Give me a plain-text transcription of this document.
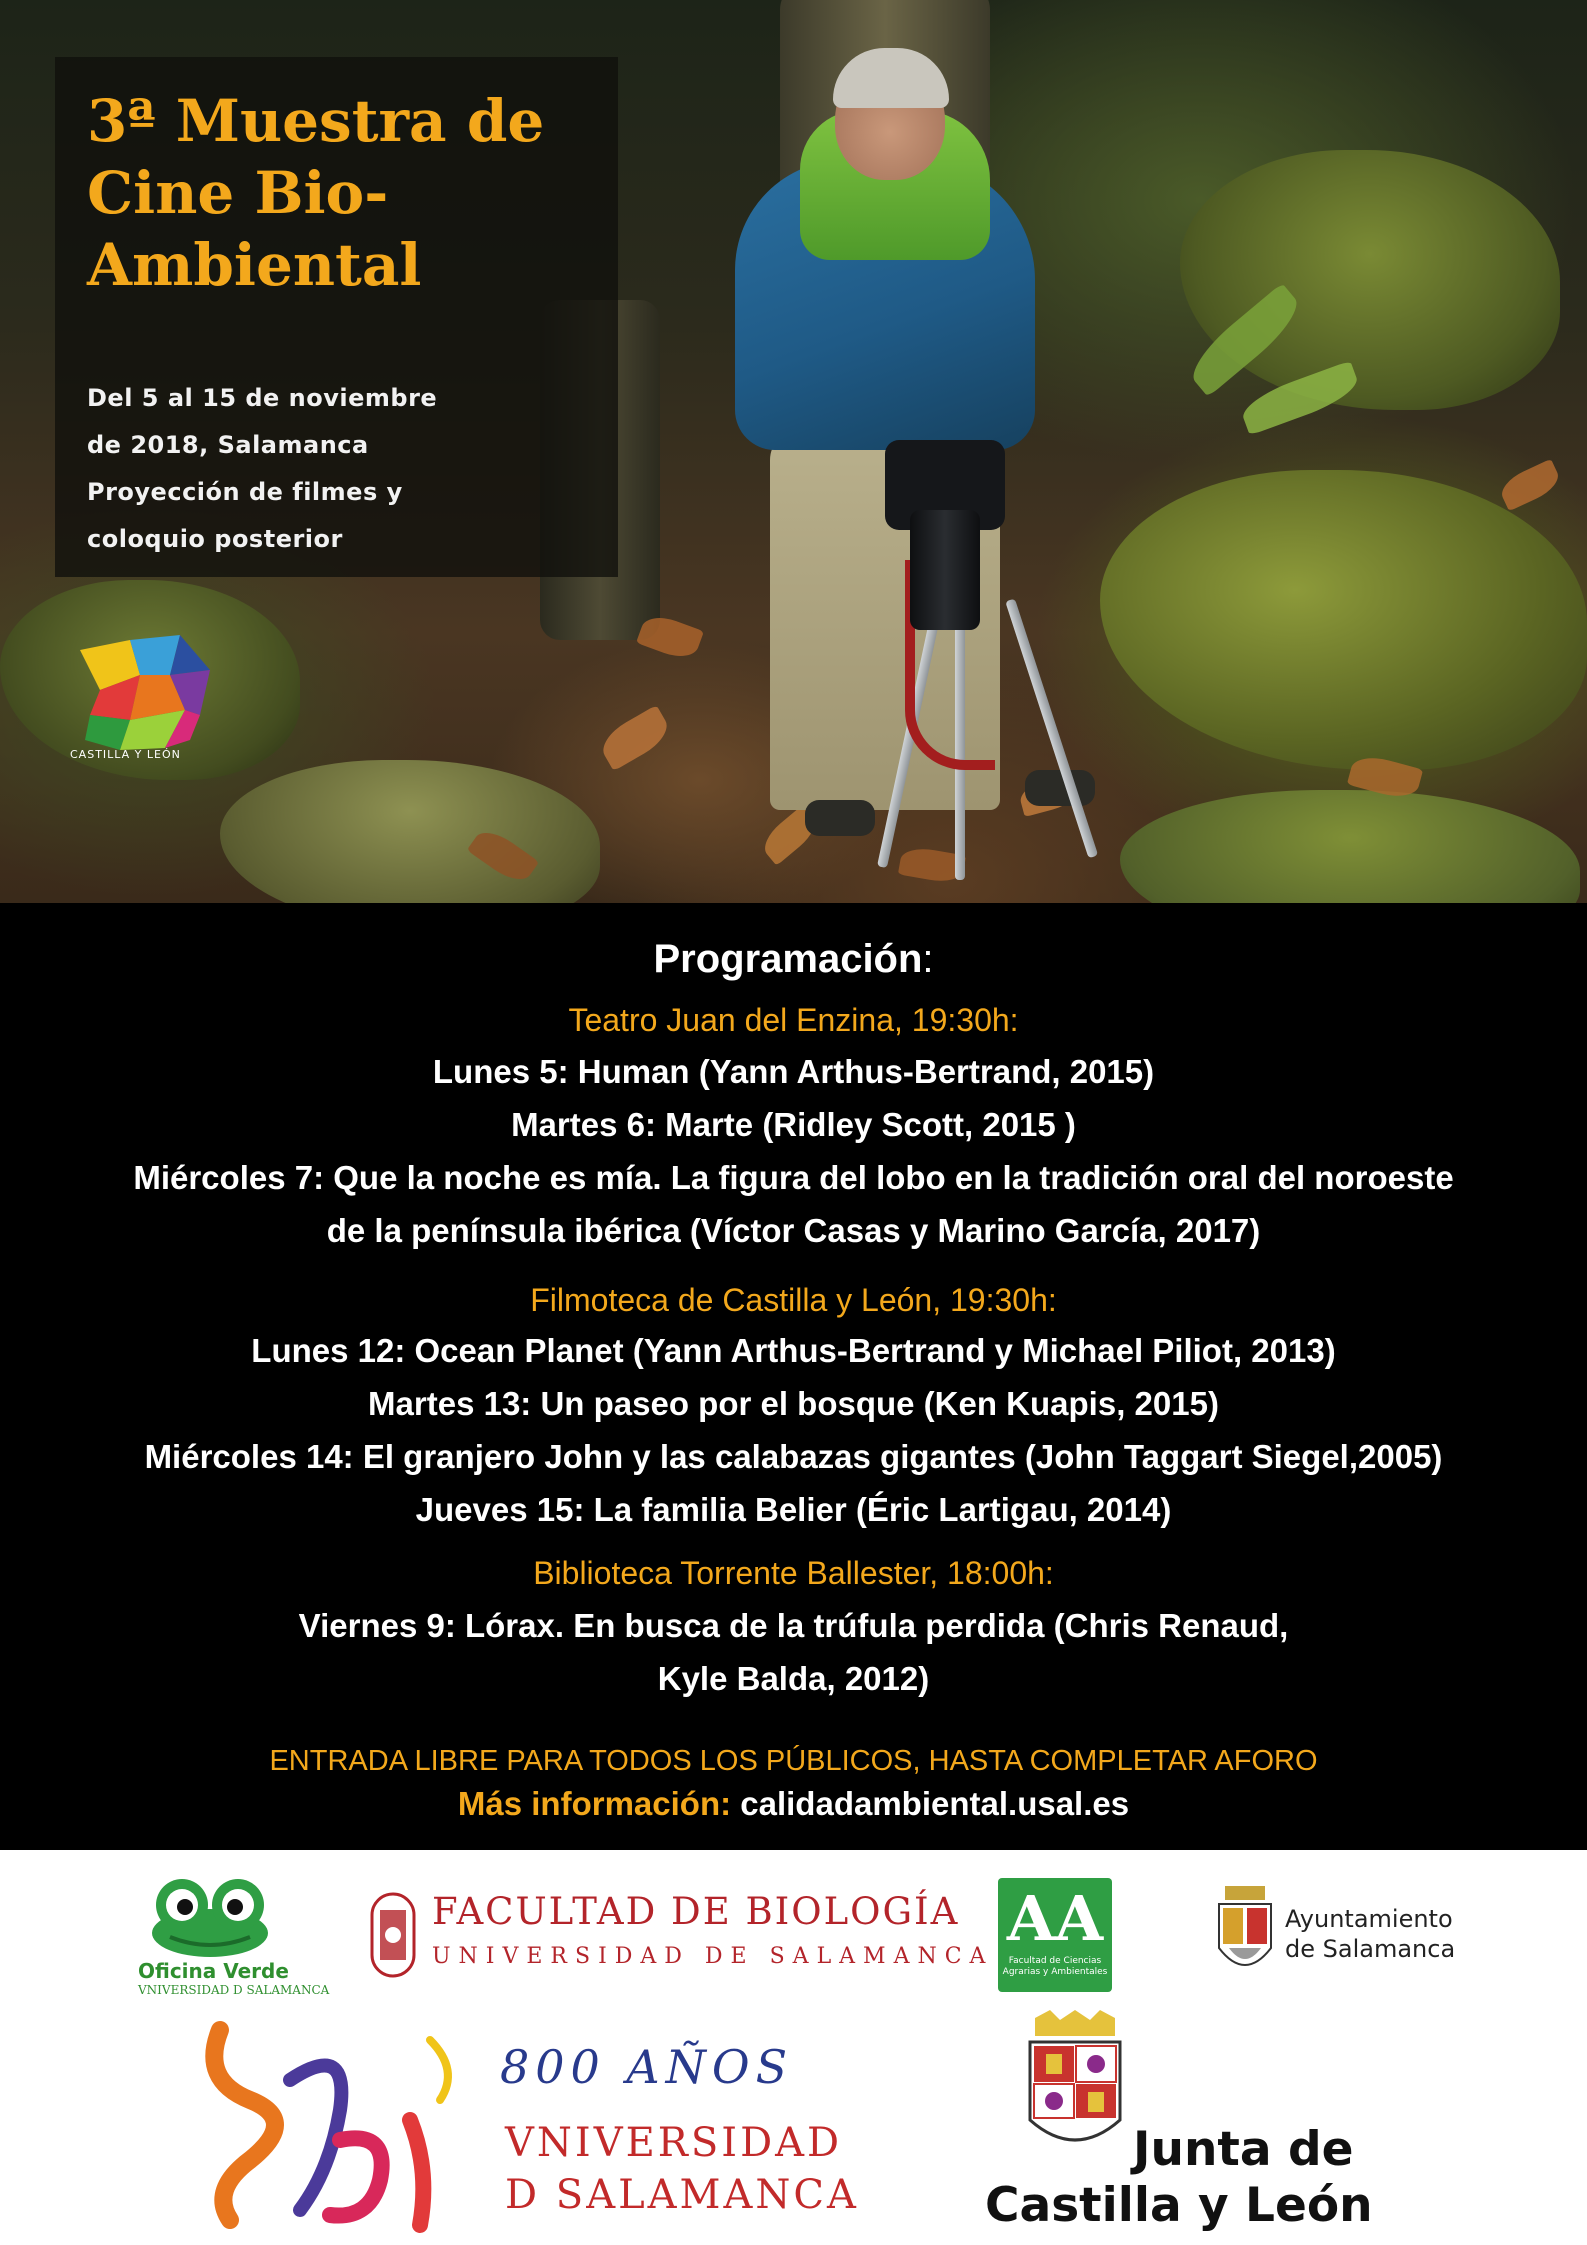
3ª Muestra de
Cine Bio-
Ambiental
Del 5 al 15 de noviembre
de 2018, Salamanca
Proyección de filmes y
coloquio posterior
CASTILLA Y LEÓN
Programación:
Teatro Juan del Enzina, 19:30h:
Lunes 5: Human (Yann Arthus-Bertrand, 2015)
Martes 6: Marte (Ridley Scott, 2015 )
Miércoles 7: Que la noche es mía. La figura del lobo en la tradición oral del noroeste
de la península ibérica (Víctor Casas y Marino García, 2017)
Filmoteca de Castilla y León, 19:30h:
Lunes 12: Ocean Planet (Yann Arthus-Bertrand y Michael Piliot, 2013)
Martes 13: Un paseo por el bosque (Ken Kuapis, 2015)
Miércoles 14: El granjero John y las calabazas gigantes (John Taggart Siegel,2005)
Jueves 15: La familia Belier (Éric Lartigau, 2014)
Biblioteca Torrente Ballester, 18:00h:
Viernes 9: Lórax. En busca de la trúfula perdida (Chris Renaud,
Kyle Balda, 2012)
ENTRADA LIBRE PARA TODOS LOS PÚBLICOS, HASTA COMPLETAR AFORO
Más información: calidadambiental.usal.es
Oficina Verde
VNIVERSIDAD D SALAMANCA
FACULTAD DE BIOLOGÍA
UNIVERSIDAD DE SALAMANCA
AA
Facultad de Ciencias
Agrarias y Ambientales
Ayuntamiento
de Salamanca
800 AÑOS
VNIVERSIDAD
D SALAMANCA
Junta de
Castilla y León
